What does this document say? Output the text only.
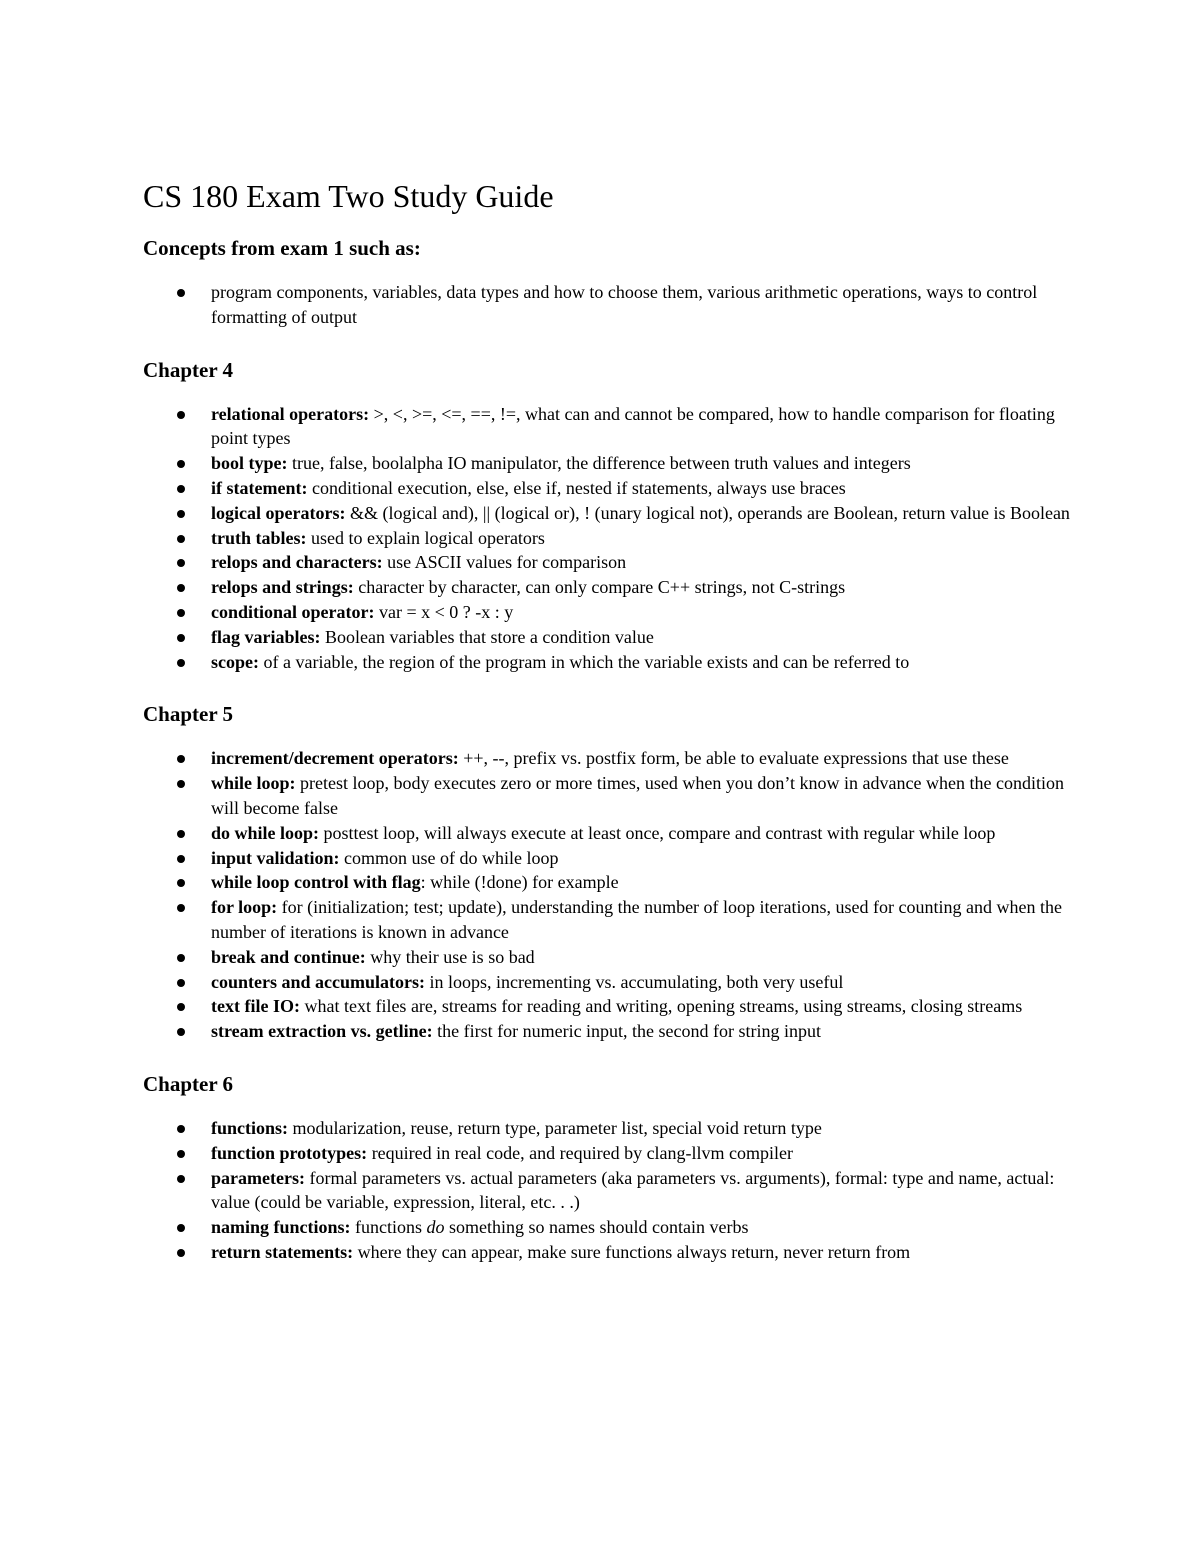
CS 180 Exam Two Study Guide
Concepts from exam 1 such as:
program components, variables, data types and how to choose them, various arithmetic operations, ways to control formatting of output
Chapter 4
relational operators: >, <, >=, <=, ==, !=, what can and cannot be compared, how to handle comparison for floating point types
bool type: true, false, boolalpha IO manipulator, the difference between truth values and integers
if statement: conditional execution, else, else if, nested if statements, always use braces
logical operators: && (logical and), || (logical or), ! (unary logical not), operands are Boolean, return value is Boolean
truth tables: used to explain logical operators
relops and characters: use ASCII values for comparison
relops and strings: character by character, can only compare C++ strings, not C-strings
conditional operator: var = x < 0 ? -x : y
flag variables: Boolean variables that store a condition value
scope: of a variable, the region of the program in which the variable exists and can be referred to
Chapter 5
increment/decrement operators: ++, --, prefix vs. postfix form, be able to evaluate expressions that use these
while loop: pretest loop, body executes zero or more times, used when you don’t know in advance when the condition will become false
do while loop: posttest loop, will always execute at least once, compare and contrast with regular while loop
input validation: common use of do while loop
while loop control with flag: while (!done) for example
for loop: for (initialization; test; update), understanding the number of loop iterations, used for counting and when the number of iterations is known in advance
break and continue: why their use is so bad
counters and accumulators: in loops, incrementing vs. accumulating, both very useful
text file IO: what text files are, streams for reading and writing, opening streams, using streams, closing streams
stream extraction vs. getline: the first for numeric input, the second for string input
Chapter 6
functions: modularization, reuse, return type, parameter list, special void return type
function prototypes: required in real code, and required by clang-llvm compiler
parameters: formal parameters vs. actual parameters (aka parameters vs. arguments), formal: type and name, actual: value (could be variable, expression, literal, etc. . .)
naming functions: functions do something so names should contain verbs
return statements: where they can appear, make sure functions always return, never return from
